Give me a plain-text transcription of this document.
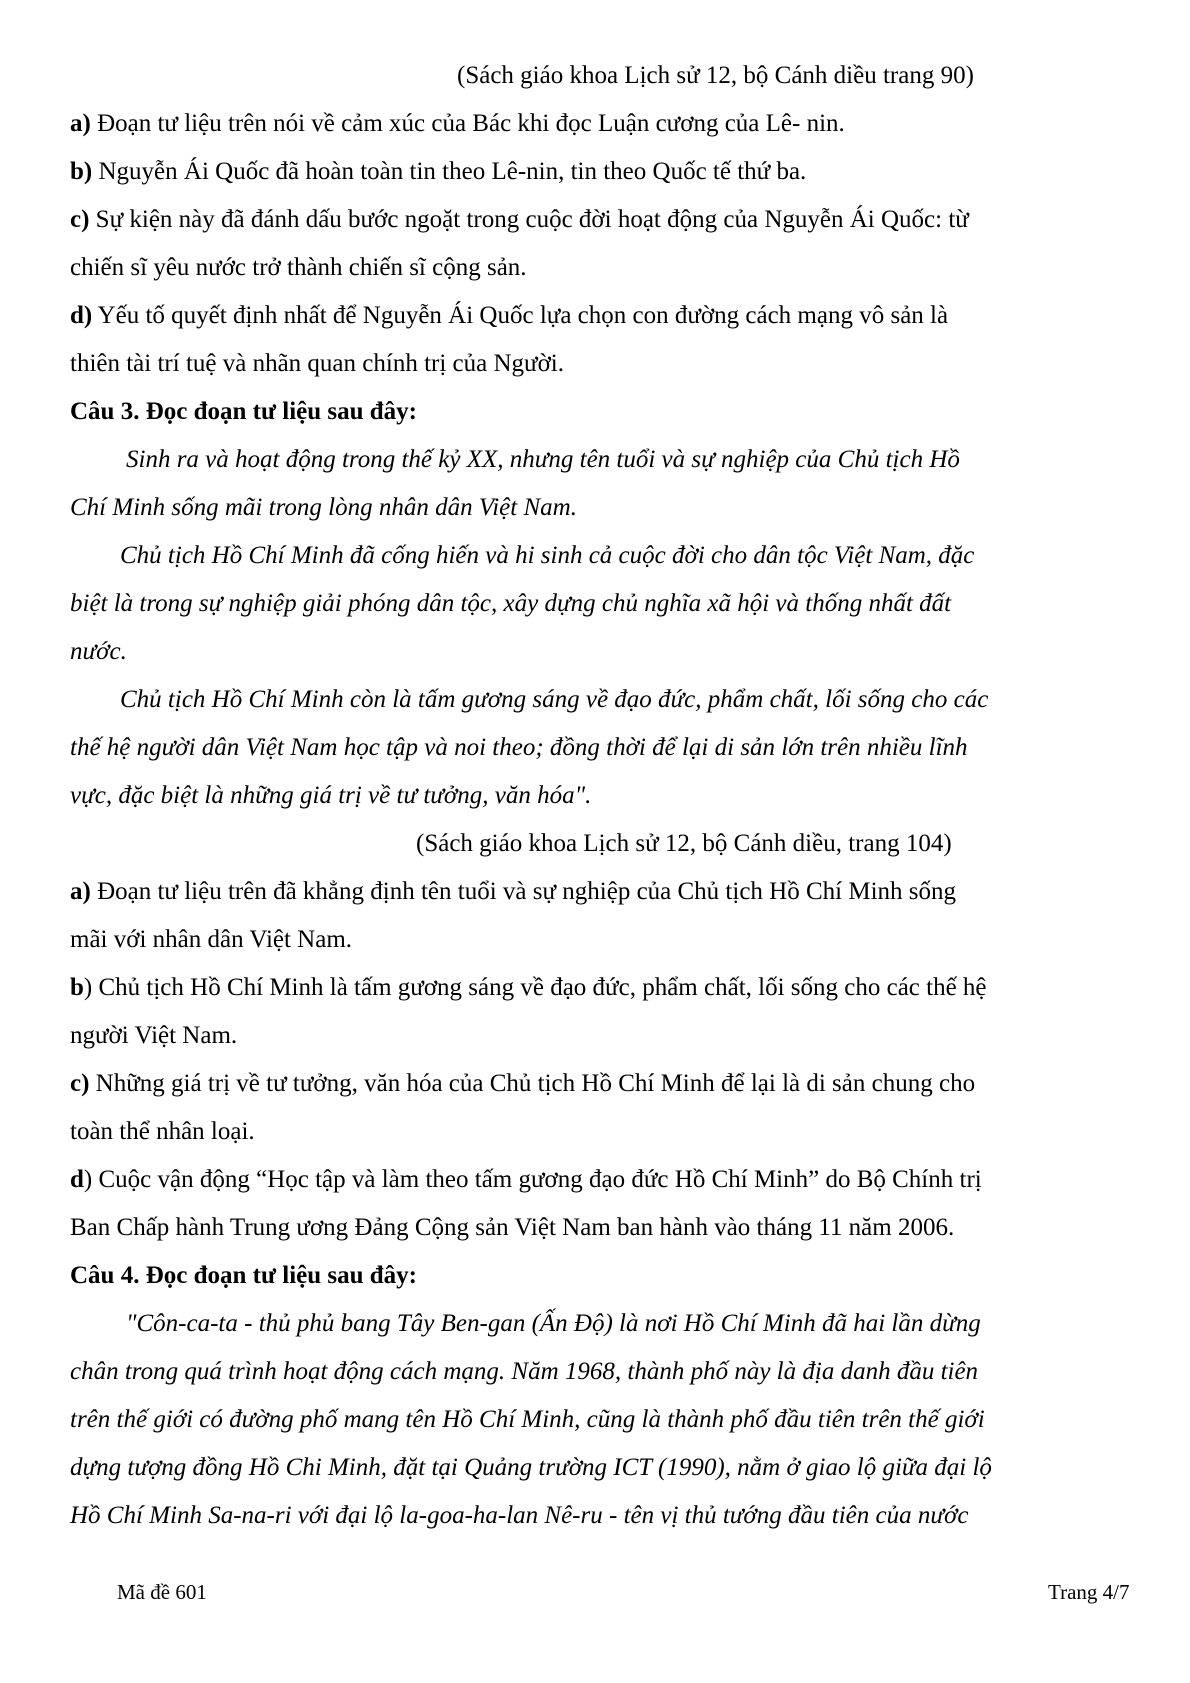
(Sách giáo khoa Lịch sử 12, bộ Cánh diều trang 90)
a) Đoạn tư liệu trên nói về cảm xúc của Bác khi đọc Luận cương của Lê- nin.
b) Nguyễn Ái Quốc đã hoàn toàn tin theo Lê-nin, tin theo Quốc tế thứ ba.
c) Sự kiện này đã đánh dấu bước ngoặt trong cuộc đời hoạt động của Nguyễn Ái Quốc: từ
chiến sĩ yêu nước trở thành chiến sĩ cộng sản.
d) Yếu tố quyết định nhất để Nguyễn Ái Quốc lựa chọn con đường cách mạng vô sản là
thiên tài trí tuệ và nhãn quan chính trị của Người.
Câu 3. Đọc đoạn tư liệu sau đây:
Sinh ra và hoạt động trong thế kỷ XX, nhưng tên tuổi và sự nghiệp của Chủ tịch Hồ
Chí Minh sống mãi trong lòng nhân dân Việt Nam.
Chủ tịch Hồ Chí Minh đã cống hiến và hi sinh cả cuộc đời cho dân tộc Việt Nam, đặc
biệt là trong sự nghiệp giải phóng dân tộc, xây dựng chủ nghĩa xã hội và thống nhất đất
nước.
Chủ tịch Hồ Chí Minh còn là tấm gương sáng về đạo đức, phẩm chất, lối sống cho các
thế hệ người dân Việt Nam học tập và noi theo; đồng thời để lại di sản lớn trên nhiều lĩnh
vực, đặc biệt là những giá trị về tư tưởng, văn hóa".
(Sách giáo khoa Lịch sử 12, bộ Cánh diều, trang 104)
a) Đoạn tư liệu trên đã khẳng định tên tuổi và sự nghiệp của Chủ tịch Hồ Chí Minh sống
mãi với nhân dân Việt Nam.
b) Chủ tịch Hồ Chí Minh là tấm gương sáng về đạo đức, phẩm chất, lối sống cho các thế hệ
người Việt Nam.
c) Những giá trị về tư tưởng, văn hóa của Chủ tịch Hồ Chí Minh để lại là di sản chung cho
toàn thể nhân loại.
d) Cuộc vận động “Học tập và làm theo tấm gương đạo đức Hồ Chí Minh” do Bộ Chính trị
Ban Chấp hành Trung ương Đảng Cộng sản Việt Nam ban hành vào tháng 11 năm 2006.
Câu 4. Đọc đoạn tư liệu sau đây:
"Côn-ca-ta - thủ phủ bang Tây Ben-gan (Ấn Độ) là nơi Hồ Chí Minh đã hai lần dừng
chân trong quá trình hoạt động cách mạng. Năm 1968, thành phố này là địa danh đầu tiên
trên thế giới có đường phố mang tên Hồ Chí Minh, cũng là thành phố đầu tiên trên thế giới
dựng tượng đồng Hồ Chi Minh, đặt tại Quảng trường ICT (1990), nằm ở giao lộ giữa đại lộ
Hồ Chí Minh Sa-na-ri với đại lộ la-goa-ha-lan Nê-ru - tên vị thủ tướng đầu tiên của nước
Mã đề 601	Trang 4/7
